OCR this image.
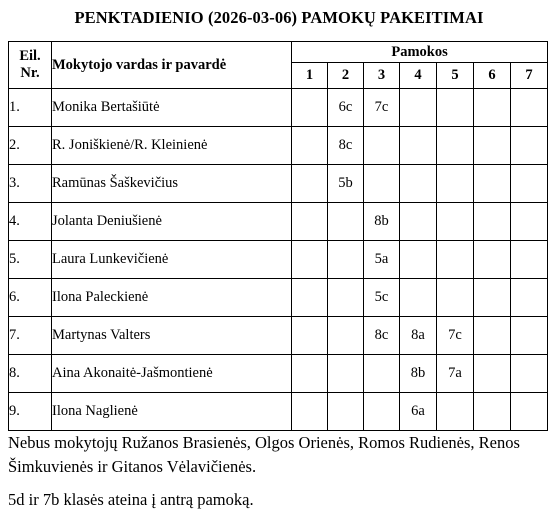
PENKTADIENIO (2026-03-06) PAMOKŲ PAKEITIMAI
Eil.
Nr.	Mokytojo vardas ir pavardė	Pamokos						
		1	2	3	4	5	6	7
1.	Monika Bertašiūtė		6c	7c				
2.	R. Joniškienė/R. Kleinienė		8c					
3.	Ramūnas Šaškevičius		5b					
4.	Jolanta Deniušienė			8b				
5.	Laura Lunkevičienė			5a				
6.	Ilona Paleckienė			5c				
7.	Martynas Valters			8c	8a	7c		
8.	Aina Akonaitė-Jašmontienė				8b	7a		
9.	Ilona Naglienė				6a			

Nebus mokytojų Ružanos Brasienės, Olgos Orienės, Romos Rudienės, Renos Šimkuvienės ir Gitanos Vėlavičienės.

5d ir 7b klasės ateina į antrą pamoką.
